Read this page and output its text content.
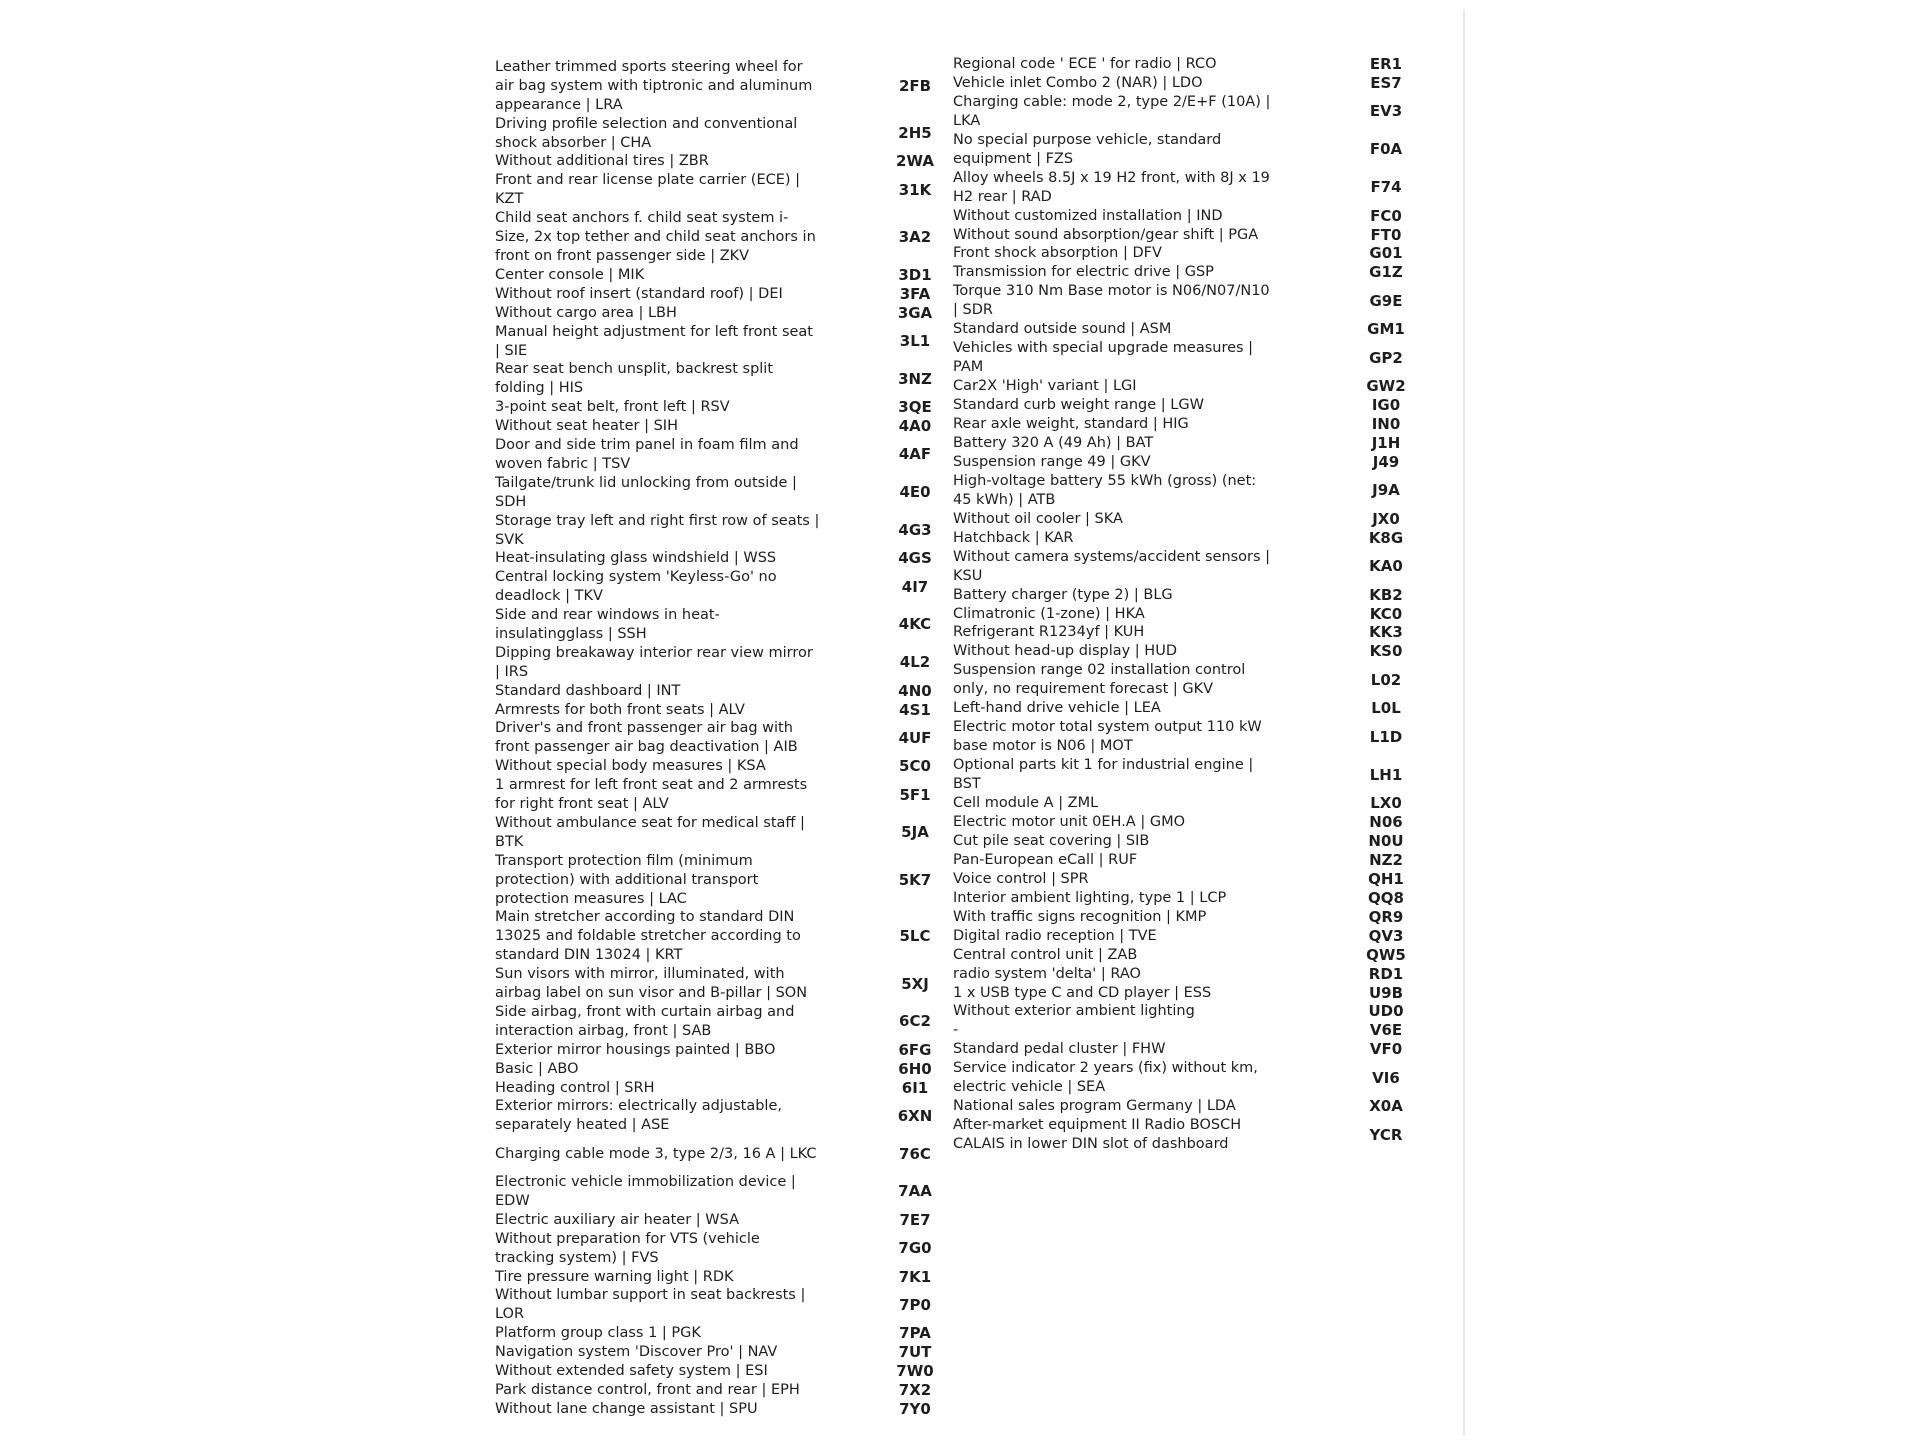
Leather trimmed sports steering wheel for air bag system with tiptronic and aluminum appearance | LRA
2FB
Driving profile selection and conventional shock absorber | CHA
2H5
Without additional tires | ZBR	2WA
Front and rear license plate carrier (ECE) | KZT
31K
Child seat anchors f. child seat system i-Size, 2x top tether and child seat anchors in front on front passenger side | ZKV
3A2
Center console | MIK	3D1
Without roof insert (standard roof) | DEI	3FA
Without cargo area | LBH	3GA
Manual height adjustment for left front seat | SIE
3L1
Rear seat bench unsplit, backrest split folding | HIS
3NZ
3-point seat belt, front left | RSV	3QE
Without seat heater | SIH	4A0
Door and side trim panel in foam film and woven fabric | TSV
4AF
Tailgate/trunk lid unlocking from outside | SDH
4E0
Storage tray left and right first row of seats | SVK
4G3
Heat-insulating glass windshield | WSS	4GS
Central locking system 'Keyless-Go' no deadlock | TKV
4I7
Side and rear windows in heat-insulatingglass | SSH
4KC
Dipping breakaway interior rear view mirror | IRS
4L2
Standard dashboard | INT	4N0
Armrests for both front seats | ALV	4S1
Driver's and front passenger air bag with front passenger air bag deactivation | AIB
4UF
Without special body measures | KSA	5C0
1 armrest for left front seat and 2 armrests for right front seat | ALV
5F1
Without ambulance seat for medical staff | BTK
5JA
Transport protection film (minimum protection) with additional transport protection measures | LAC
5K7
Main stretcher according to standard DIN 13025 and foldable stretcher according to standard DIN 13024 | KRT
5LC
Sun visors with mirror, illuminated, with airbag label on sun visor and B-pillar | SON
5XJ
Side airbag, front with curtain airbag and interaction airbag, front | SAB
6C2
Exterior mirror housings painted | BBO	6FG
Basic | ABO	6H0
Heading control | SRH	6I1
Exterior mirrors: electrically adjustable, separately heated | ASE
6XN
Charging cable mode 3, type 2/3, 16 A | LKC	76C
Electronic vehicle immobilization device | EDW
7AA
Electric auxiliary air heater | WSA	7E7
Without preparation for VTS (vehicle tracking system) | FVS
7G0
Tire pressure warning light | RDK	7K1
Without lumbar support in seat backrests | LOR
7P0
Platform group class 1 | PGK	7PA
Navigation system 'Discover Pro' | NAV	7UT
Without extended safety system | ESI	7W0
Park distance control, front and rear | EPH	7X2
Without lane change assistant | SPU	7Y0
Regional code ' ECE ' for radio | RCO	ER1
Vehicle inlet Combo 2 (NAR) | LDO	ES7
Charging cable: mode 2, type 2/E+F (10A) | LKA
EV3
No special purpose vehicle, standard equipment | FZS
F0A
Alloy wheels 8.5J x 19 H2 front, with 8J x 19 H2 rear | RAD
F74
Without customized installation | IND	FC0
Without sound absorption/gear shift | PGA	FT0
Front shock absorption | DFV	G01
Transmission for electric drive | GSP	G1Z
Torque 310 Nm Base motor is N06/N07/N10 | SDR
G9E
Standard outside sound | ASM	GM1
Vehicles with special upgrade measures | PAM
GP2
Car2X 'High' variant | LGI	GW2
Standard curb weight range | LGW	IG0
Rear axle weight, standard | HIG	IN0
Battery 320 A (49 Ah) | BAT	J1H
Suspension range 49 | GKV	J49
High-voltage battery 55 kWh (gross) (net: 45 kWh) | ATB
J9A
Without oil cooler | SKA	JX0
Hatchback | KAR	K8G
Without camera systems/accident sensors | KSU
KA0
Battery charger (type 2) | BLG	KB2
Climatronic (1-zone) | HKA	KC0
Refrigerant R1234yf | KUH	KK3
Without head-up display | HUD	KS0
Suspension range 02 installation control only, no requirement forecast | GKV
L02
Left-hand drive vehicle | LEA	L0L
Electric motor total system output 110 kW base motor is N06 | MOT
L1D
Optional parts kit 1 for industrial engine | BST
LH1
Cell module A | ZML	LX0
Electric motor unit 0EH.A | GMO	N06
Cut pile seat covering | SIB	N0U
Pan-European eCall | RUF	NZ2
Voice control | SPR	QH1
Interior ambient lighting, type 1 | LCP	QQ8
With traffic signs recognition | KMP	QR9
Digital radio reception | TVE	QV3
Central control unit | ZAB	QW5
radio system 'delta' | RAO	RD1
1 x USB type C and CD player | ESS	U9B
Without exterior ambient lighting	UD0
-	V6E
Standard pedal cluster | FHW	VF0
Service indicator 2 years (fix) without km, electric vehicle | SEA
VI6
National sales program Germany | LDA	X0A
After-market equipment II Radio BOSCH CALAIS in lower DIN slot of dashboard
YCR
